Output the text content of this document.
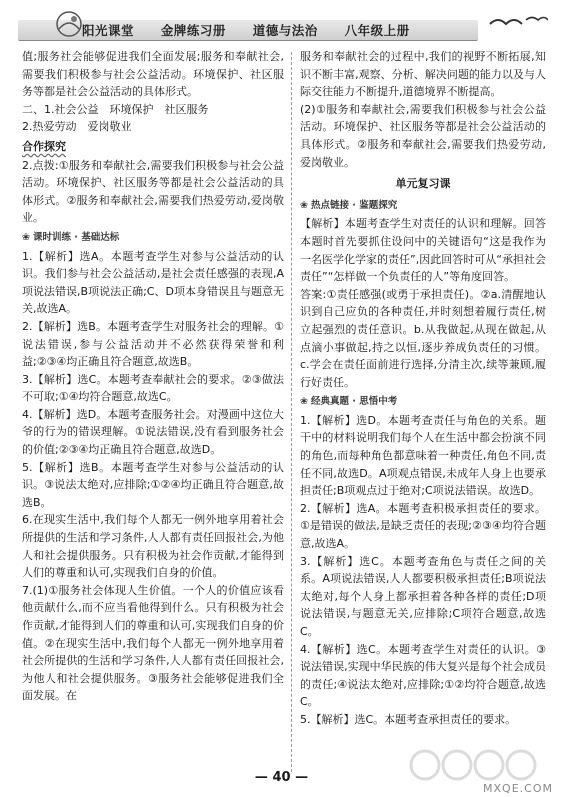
阳光课堂 金牌练习册 道德与法治 八年级上册
值;服务社会能够促进我们全面发展;服务和奉献社会,需要我们积极参与社会公益活动。环境保护、社区服务等都是社会公益活动的具体形式。
二、1.社会公益　环境保护　社区服务
2.热爱劳动　爱岗敬业
合作探究
2.点拨:①服务和奉献社会,需要我们积极参与社会公益活动。环境保护、社区服务等都是社会公益活动的具体形式。②服务和奉献社会,需要我们热爱劳动,爱岗敬业。
❀ 课时训练 · 基础达标
1.【解析】选A。本题考查学生对参与公益活动的认识。我们参与社会公益活动,是社会责任感强的表现,A项说法错误,B项说法正确;C、D项本身错误且与题意无关,故选A。
2.【解析】选B。本题考查学生对服务社会的理解。①说法错误,参与公益活动并不必然获得荣誉和利益;②③④均正确且符合题意,故选B。
3.【解析】选C。本题考查奉献社会的要求。②③做法不可取;①④均符合题意,故选C。
4.【解析】选D。本题考查服务社会。对漫画中这位大爷的行为的错误理解。①说法错误,没有看到服务社会的价值;②③④均正确且符合题意,故选D。
5.【解析】选B。本题考查学生对参与公益活动的认识。③说法太绝对,应排除;①②④均正确且符合题意,故选B。
6.在现实生活中,我们每个人都无一例外地享用着社会所提供的生活和学习条件,人人都有责任回报社会,为他人和社会提供服务。只有积极为社会作贡献,才能得到人们的尊重和认可,实现我们自身的价值。
7.(1)①服务社会体现人生价值。一个人的价值应该看他贡献什么,而不应当看他得到什么。只有积极为社会作贡献,才能得到人们的尊重和认可,实现我们自身的价值。②在现实生活中,我们每个人都无一例外地享用着社会所提供的生活和学习条件,人人都有责任回报社会,为他人和社会提供服务。③服务社会能够促进我们全面发展。在
服务和奉献社会的过程中,我们的视野不断拓展,知识不断丰富,观察、分析、解决问题的能力以及与人际交往能力不断提升,道德境界不断提高。
(2)①服务和奉献社会,需要我们积极参与社会公益活动。环境保护、社区服务等都是社会公益活动的具体形式。②服务和奉献社会,需要我们热爱劳动,爱岗敬业。
单元复习课
❀ 热点链接 · 鉴题探究
【解析】本题考查学生对责任的认识和理解。回答本题时首先要抓住设问中的关键语句“这是我作为一名医学化学家的责任”,因此回答时可从“承担社会责任”“怎样做一个负责任的人”等角度回答。
答案:①责任感强(或勇于承担责任)。②a.清醒地认识到自己应负的各种责任,并时刻想着履行责任,树立起强烈的责任意识。b.从我做起,从现在做起,从点滴小事做起,持之以恒,逐步养成负责任的习惯。c.学会在责任面前进行选择,分清主次,续等兼顾,履行好责任。
❀ 经典真题 · 思悟中考
1.【解析】选D。本题考查责任与角色的关系。题干中的材料说明我们每个人在生活中都会扮演不同的角色,而每种角色都意味着一种责任,角色不同,责任不同,故选D。A项观点错误,未成年人身上也要承担责任;B项观点过于绝对;C项说法错误。故选D。
2.【解析】选A。本题考查积极承担责任的要求。①是错误的做法,是缺乏责任的表现;②③④均符合题意,故选A。
3.【解析】选C。本题考查角色与责任之间的关系。A项说法错误,人人都要积极承担责任;B项说法太绝对,每个人身上都承担着各种各样的责任;D项说法错误,与题意无关,应排除;C项符合题意,故选C。
4.【解析】选C。本题考查学生对责任的认识。③说法错误,实现中华民族的伟大复兴是每个社会成员的责任;④说法太绝对,应排除;①②均符合题意,故选C。
5.【解析】选C。本题考查承担责任的要求。
— 40 —
MXQE.COM
